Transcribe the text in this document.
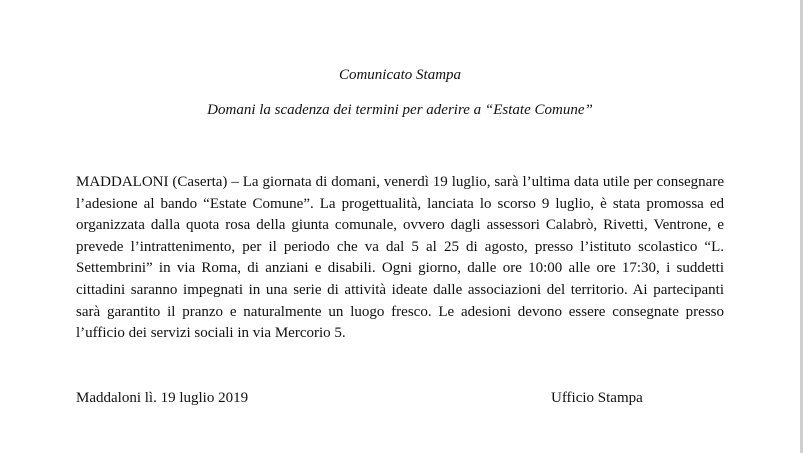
Comunicato Stampa
Domani la scadenza dei termini per aderire a “Estate Comune”

MADDALONI (Caserta) – La giornata di domani, venerdì 19 luglio, sarà l’ultima data utile per consegnare l’adesione al bando “Estate Comune”. La progettualità, lanciata lo scorso 9 luglio, è stata promossa ed organizzata dalla quota rosa della giunta comunale, ovvero dagli assessori Calabrò, Rivetti, Ventrone, e prevede l’intrattenimento, per il periodo che va dal 5 al 25 di agosto, presso l’istituto scolastico “L. Settembrini” in via Roma, di anziani e disabili. Ogni giorno, dalle ore 10:00 alle ore 17:30, i suddetti cittadini saranno impegnati in una serie di attività ideate dalle associazioni del territorio. Ai partecipanti sarà garantito il pranzo e naturalmente un luogo fresco. Le adesioni devono essere consegnate presso l’ufficio dei servizi sociali in via Mercorio 5.

Maddaloni lì. 19 luglio 2019	Ufficio Stampa
